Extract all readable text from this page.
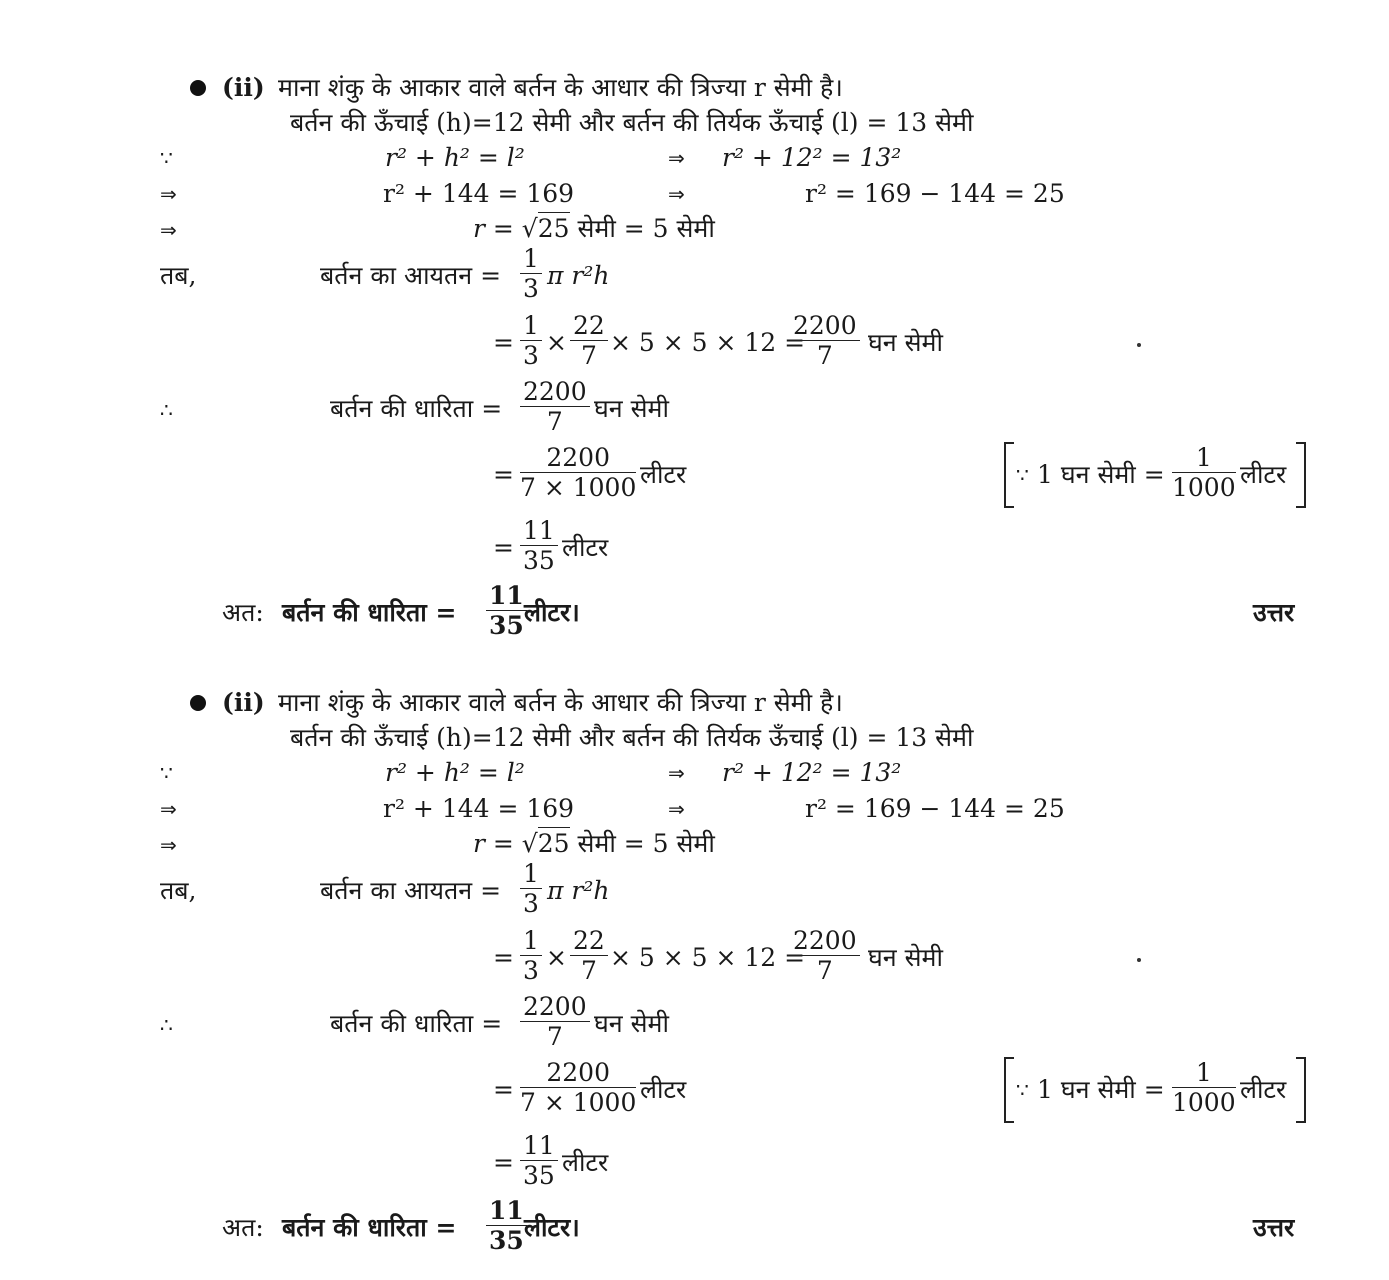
(ii) माना शंकु के आकार वाले बर्तन के आधार की त्रिज्या r सेमी है।
बर्तन की ऊँचाई (h)=12 सेमी और बर्तन की तिर्यक ऊँचाई (l) = 13 सेमी
∵	r² + h² = l²	⇒ r² + 12² = 13²
⇒	r² + 144 = 169	⇒	r² = 169 − 144 = 25
⇒	r = √25 सेमी = 5 सेमी
तब,	बर्तन का आयतन =
1
3 π r²h
=
1
3 ×
22
7 × 5 × 5 × 12 =
2200
7 घन सेमी
∴	बर्तन की धारिता =
2200
7 घन सेमी
=
2200
7 × 1000 लीटर	∵ 1 घन सेमी =
1
1000 लीटर
=
11
35 लीटर
अत: बर्तन की धारिता =
11
35 लीटर।	उत्तर
(ii) माना शंकु के आकार वाले बर्तन के आधार की त्रिज्या r सेमी है।
बर्तन की ऊँचाई (h)=12 सेमी और बर्तन की तिर्यक ऊँचाई (l) = 13 सेमी
∵	r² + h² = l²	⇒ r² + 12² = 13²
⇒	r² + 144 = 169	⇒	r² = 169 − 144 = 25
⇒	r = √25 सेमी = 5 सेमी
तब,	बर्तन का आयतन =
1
3 π r²h
=
1
3 ×
22
7 × 5 × 5 × 12 =
2200
7 घन सेमी
∴	बर्तन की धारिता =
2200
7 घन सेमी
=
2200
7 × 1000 लीटर	∵ 1 घन सेमी =
1
1000 लीटर
=
11
35 लीटर
अत: बर्तन की धारिता =
11
35 लीटर।	उत्तर
